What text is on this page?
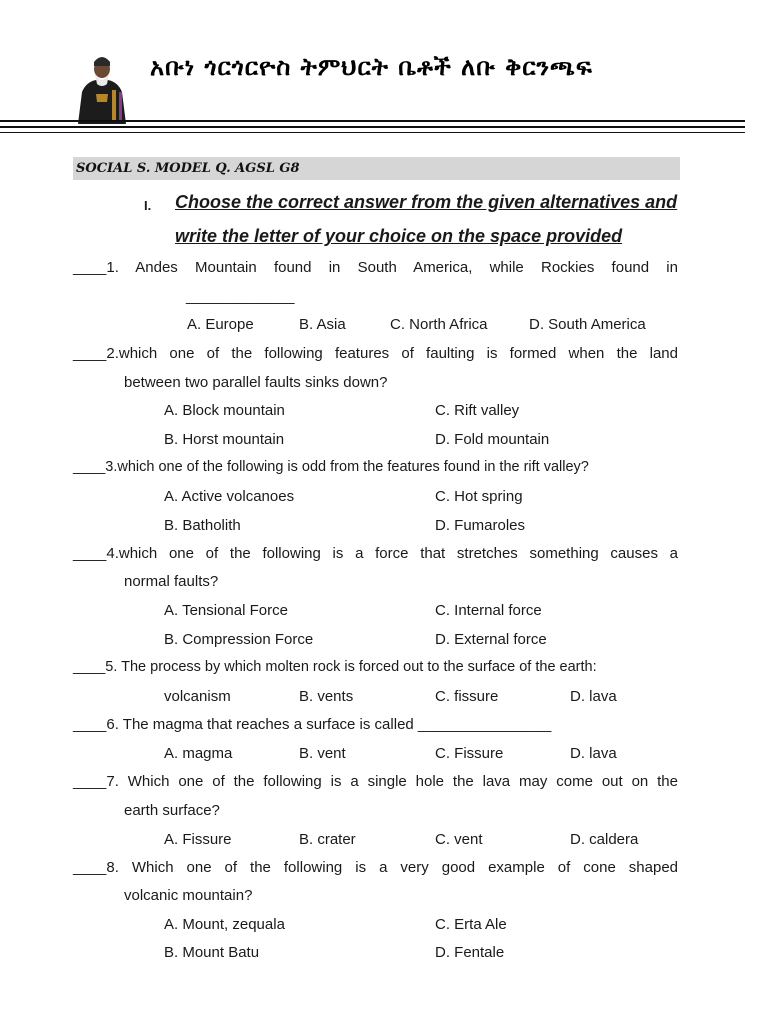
አቡነ ጎርጎርዮስ ትምህርት ቤቶች ለቡ ቅርንጫፍ
SOCIAL S. MODEL Q. AGSL G8
I. Choose the correct answer from the given alternatives and
write the letter of your choice on the space provided
____1. Andes Mountain found in South America, while Rockies found in
_____________
A. Europe	B. Asia	C. North Africa	D. South America
____2.which one of the following features of faulting is formed when the land
between two parallel faults sinks down?
A. Block mountain	C. Rift valley
B. Horst mountain	D. Fold mountain
____3.which one of the following is odd from the features found in the rift valley?
A. Active volcanoes	C. Hot spring
B. Batholith	D. Fumaroles
____4.which one of the following is a force that stretches something causes a
normal faults?
A. Tensional Force	C. Internal force
B. Compression Force	D. External force
____5. The process by which molten rock is forced out to the surface of the earth:
volcanism	B. vents	C. fissure	D. lava
____6. The magma that reaches a surface is called ________________
A. magma	B. vent	C. Fissure	D. lava
____7. Which one of the following is a single hole the lava may come out on the
earth surface?
A. Fissure	B. crater	C. vent	D. caldera
____8. Which one of the following is a very good example of cone shaped
volcanic mountain?
A. Mount, zequala	C. Erta Ale
B. Mount Batu	D. Fentale
